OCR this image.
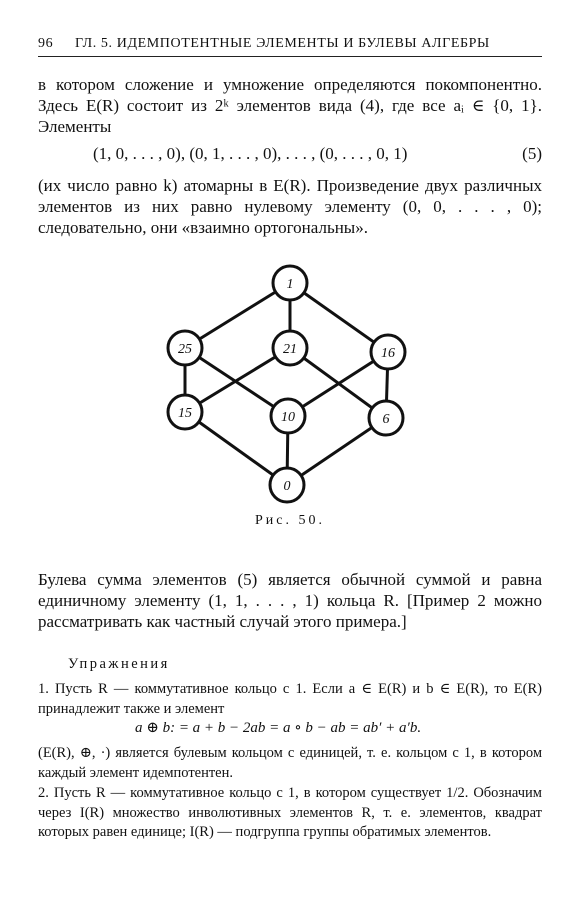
96 ГЛ. 5. ИДЕМПОТЕНТНЫЕ ЭЛЕМЕНТЫ И БУЛЕВЫ АЛГЕБРЫ
в котором сложение и умножение определяются покомпонентно. Здесь E(R) состоит из 2ᵏ элементов вида (4), где все aᵢ ∈ {0, 1}. Элементы
(1, 0, . . . , 0), (0, 1, . . . , 0), . . . , (0, . . . , 0, 1)	(5)
(их число равно k) атомарны в E(R). Произведение двух различных элементов из них равно нулевому элементу (0, 0, . . . , 0); следовательно, они «взаимно ортогональны».
1
25	21	16
15	10	6
0
Рис. 50.
Булева сумма элементов (5) является обычной суммой и равна единичному элементу (1, 1, . . . , 1) кольца R. [Пример 2 можно рассматривать как частный случай этого примера.]
Упражнения
1. Пусть R — коммутативное кольцо с 1. Если a ∈ E(R) и b ∈ E(R), то E(R) принадлежит также и элемент
a ⊕ b: = a + b − 2ab = a ∘ b − ab = ab′ + a′b.
(E(R), ⊕, ·) является булевым кольцом с единицей, т. е. кольцом с 1, в котором каждый элемент идемпотентен.
2. Пусть R — коммутативное кольцо с 1, в котором существует 1/2. Обозначим через I(R) множество инволютивных элементов R, т. е. элементов, квадрат которых равен единице; I(R) — подгруппа группы обратимых элементов.
